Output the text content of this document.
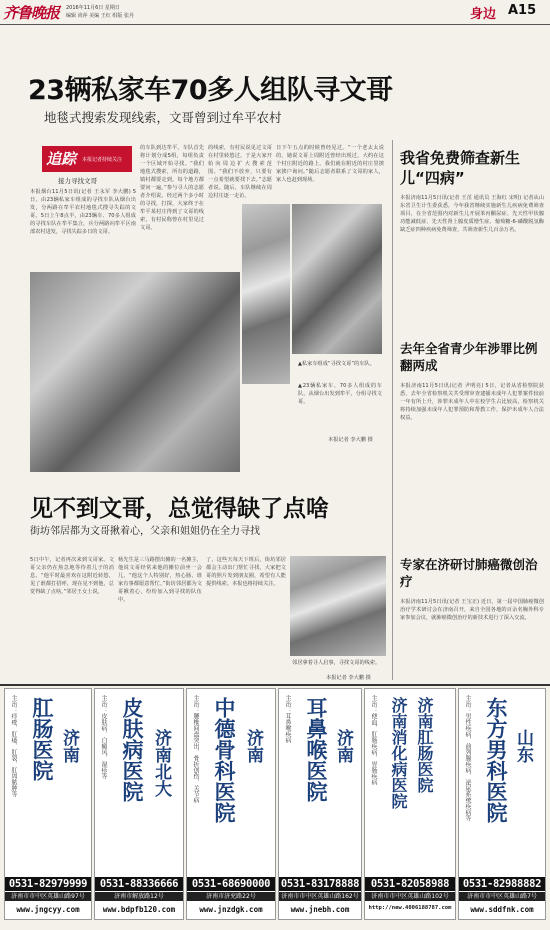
齐鲁晚报 2016年11月6日 星期日
编辑 尚萍 美编 王红 组版 张丹	身边 A15
23辆私家车70多人组队寻文哥
地毯式搜索发现线索，文哥曾到过牟平农村
追踪 本报记者持续关注
接力寻找文哥
本报烟台11月5日讯(记者 王永军 李大鹏) 5日，由23辆私家车组成的寻找车队从烟台出发，分两路在牟平农村地毯式搜寻失踪的文哥。5日上午8点半，由23辆车、70多人组成的寻找车队在牟平集合，兵分两路向牟平区南部农村进发，寻找失踪多日的文哥。
的车队到达牟平，车队首先将计划分成5组，每组负责一个区域开始寻找。“我们地毯式搜索，所有的道路，镇村都要走到，每个地方都要问一遍。”参与寻人的志愿者介绍说。经过两个多小时的寻找，打探，大家终于在牟平某村庄得到了文哥的线索，有村民称曾在村里见过文哥。
的线索，有村民说见过文哥在村里转悠过，于是大家开始向周边扩大搜索范围。“我们不放弃，只要有一点希望就要找下去。”志愿者说。随后，车队继续在周边村庄逐一走访。
日下午五点的时候曾经见过。“一个老太太说的，她说文哥上周附近曾经出现过，大约在这个村庄附近的路上，我们就在附近的村庄里挨家挨户询问。”随后志愿者联系了文哥的家人，家人也赶到现场。
▲私家车组成“寻找文哥”的车队。
▲23辆私家车、70多人组成的车队，从烟台出发到牟平，分组寻找文哥。
本报记者 李大鹏 摄
见不到文哥，总觉得缺了点啥
街坊邻居都为文哥揪着心，父亲和姐姐仍在全力寻找
5日中午，记者再次来到文哥家。文哥父亲仍在焦急地等待着儿子的消息。“他平时最喜欢在这附近转悠，见了谁都打招呼，现在见不到他，总觉得缺了点啥。”邻居王女士说。
杨先生是三马路摆出摊的一名摊主，他说文哥经常来他的摊位前坐一会儿，“他这个人特别好，热心肠，谁家有事都愿意帮忙。”街坊邻居都为文哥揪着心，纷纷加入到寻找的队伍中。
了，这些天每天下班后，街坊邻居都会主动出门帮忙寻找，大家把文哥的照片发到朋友圈，希望有人能提供线索。本报也将持续关注。
邻居拿着寻人启事，寻找文哥的线索。
本报记者 李大鹏 摄
我省免费筛查新生儿“四病”
本报济南11月5日讯(记者 王茁 通讯员 王海红 宋明) 记者从山东省卫生计生委获悉，今年我省继续实施新生儿疾病免费筛查项目，在全省范围内对新生儿开展苯丙酮尿症、先天性甲状腺功能减低症、先天性肾上腺皮质增生症、葡萄糖-6-磷酸脱氢酶缺乏症四种疾病免费筛查，共筛查新生儿百余万名。
去年全省青少年涉罪比例翻两成
本报济南11月5日讯(记者 尹明亮) 5日，记者从省检察院获悉，去年全省检察机关共受理审查逮捕未成年人犯罪案件较前一年有所上升，涉罪未成年人中在校学生占比较高，检察机关将持续加强未成年人犯罪预防和帮教工作，保护未成年人合法权益。
专家在济研讨肺癌微创治疗
本报济南11月5日讯(记者 王宝正) 近日，第一届中国肺癌微创治疗学术研讨会在济南召开，来自全国各地的百余名胸外科专家参加会议，就肺癌微创治疗的新技术进行了深入交流。
主治：痔疮、肛瘘、肛裂、肛周脓肿等 肛肠医院 济南
0531-82979999
济南市市中区英雄山路97号
www.jngcyy.com
主治：皮肤病、白癜风、湿疹等 皮肤病医院 济南北大
0531-88336666
济南市解放路12号
www.bdpfb120.com
主治：腰椎间盘突出、骨折创伤、关节病 中德骨科医院 济南
0531-68690000
济南市济兖路22号
www.jnzdgk.com
主治：耳鼻喉疾病 耳鼻喉医院 济南
0531-83178888
济南市市中区英雄山路162号
www.jnebh.com
主治：便血、肛肠疾病、胃肠疾病 济南消化病医院 济南肛肠医院
0531-82058988
济南市市中区英雄山路102号
http://new.4006188787.com
主治：男性疾病、前列腺疾病、泌尿系统疾病等 东方男科医院 山东
0531-82988882
济南市市中区英雄山路7号
www.sddfnk.com
